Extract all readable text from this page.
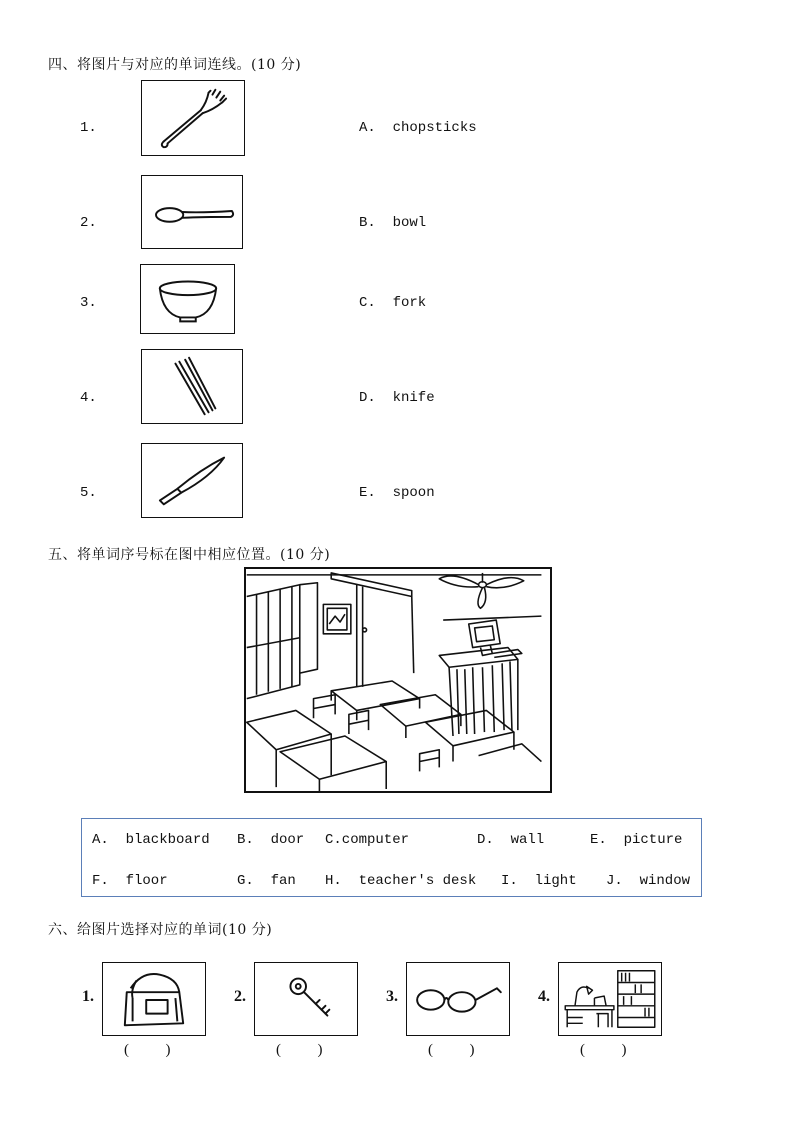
四、将图片与对应的单词连线。(10 分)
1.	A.  chopsticks
2.	B.  bowl
3.	C.  fork
4.	D.  knife
5.	E.  spoon
五、将单词序号标在图中相应位置。(10 分)
A.  blackboard B.  door C.computer	D.  wall	E.  picture
F.  floor	G.  fan H.  teacher's desk I.  light J.  window
六、给图片选择对应的单词(10 分)
1.
(      )
2.
(      )
3.
(      )
4.
(      )
